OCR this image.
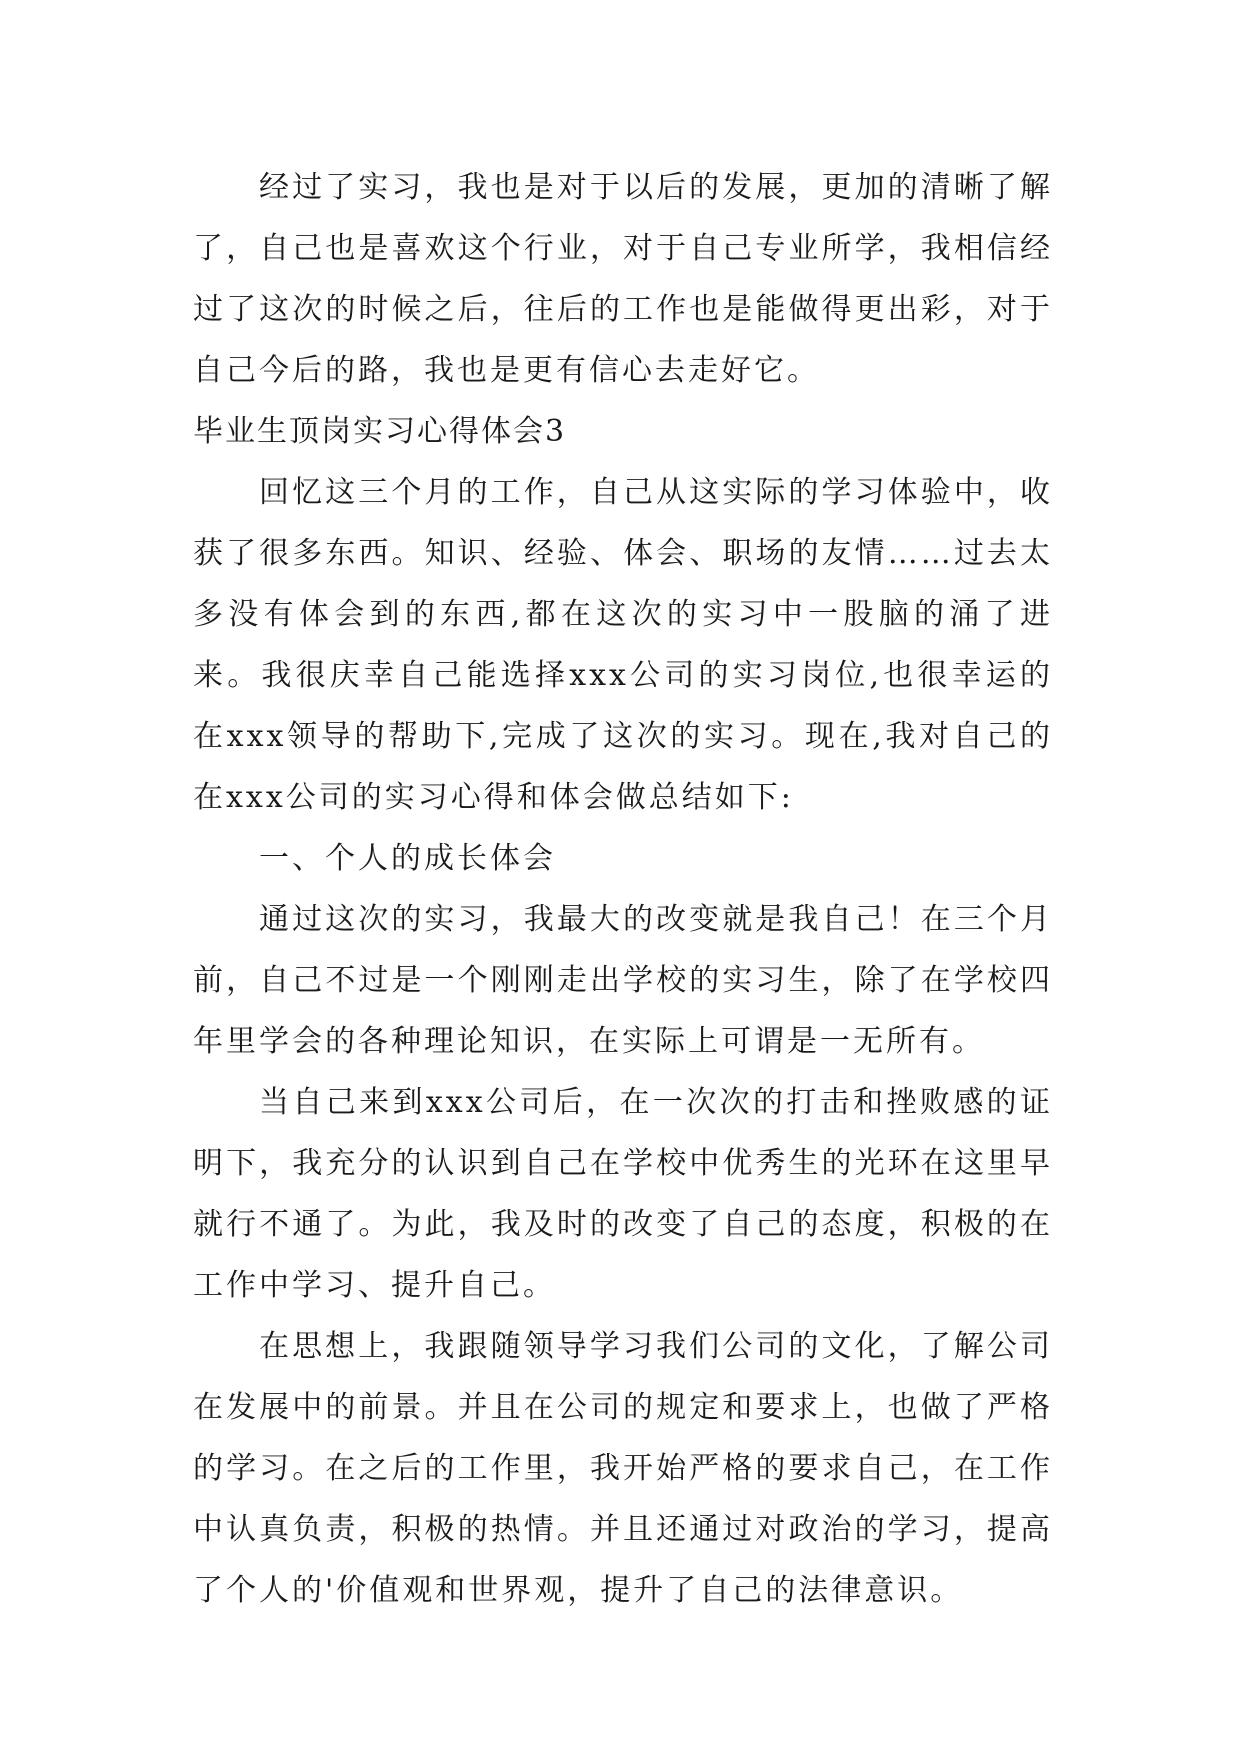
经过了实习，我也是对于以后的发展，更加的清晰了解了，自己也是喜欢这个行业，对于自己专业所学，我相信经过了这次的时候之后，往后的工作也是能做得更出彩，对于自己今后的路，我也是更有信心去走好它。

毕业生顶岗实习心得体会3

回忆这三个月的工作，自己从这实际的学习体验中，收获了很多东西。知识、经验、体会、职场的友情……过去太多没有体会到的东西,都在这次的实习中一股脑的涌了进来。我很庆幸自己能选择xxx公司的实习岗位,也很幸运的在xxx领导的帮助下,完成了这次的实习。现在,我对自己的在xxx公司的实习心得和体会做总结如下:

一、个人的成长体会

通过这次的实习，我最大的改变就是我自己！在三个月前，自己不过是一个刚刚走出学校的实习生，除了在学校四年里学会的各种理论知识，在实际上可谓是一无所有。

当自己来到xxx公司后，在一次次的打击和挫败感的证明下，我充分的认识到自己在学校中优秀生的光环在这里早就行不通了。为此，我及时的改变了自己的态度，积极的在工作中学习、提升自己。

在思想上，我跟随领导学习我们公司的文化，了解公司在发展中的前景。并且在公司的规定和要求上，也做了严格的学习。在之后的工作里，我开始严格的要求自己，在工作中认真负责，积极的热情。并且还通过对政治的学习，提高了个人的'价值观和世界观，提升了自己的法律意识。
